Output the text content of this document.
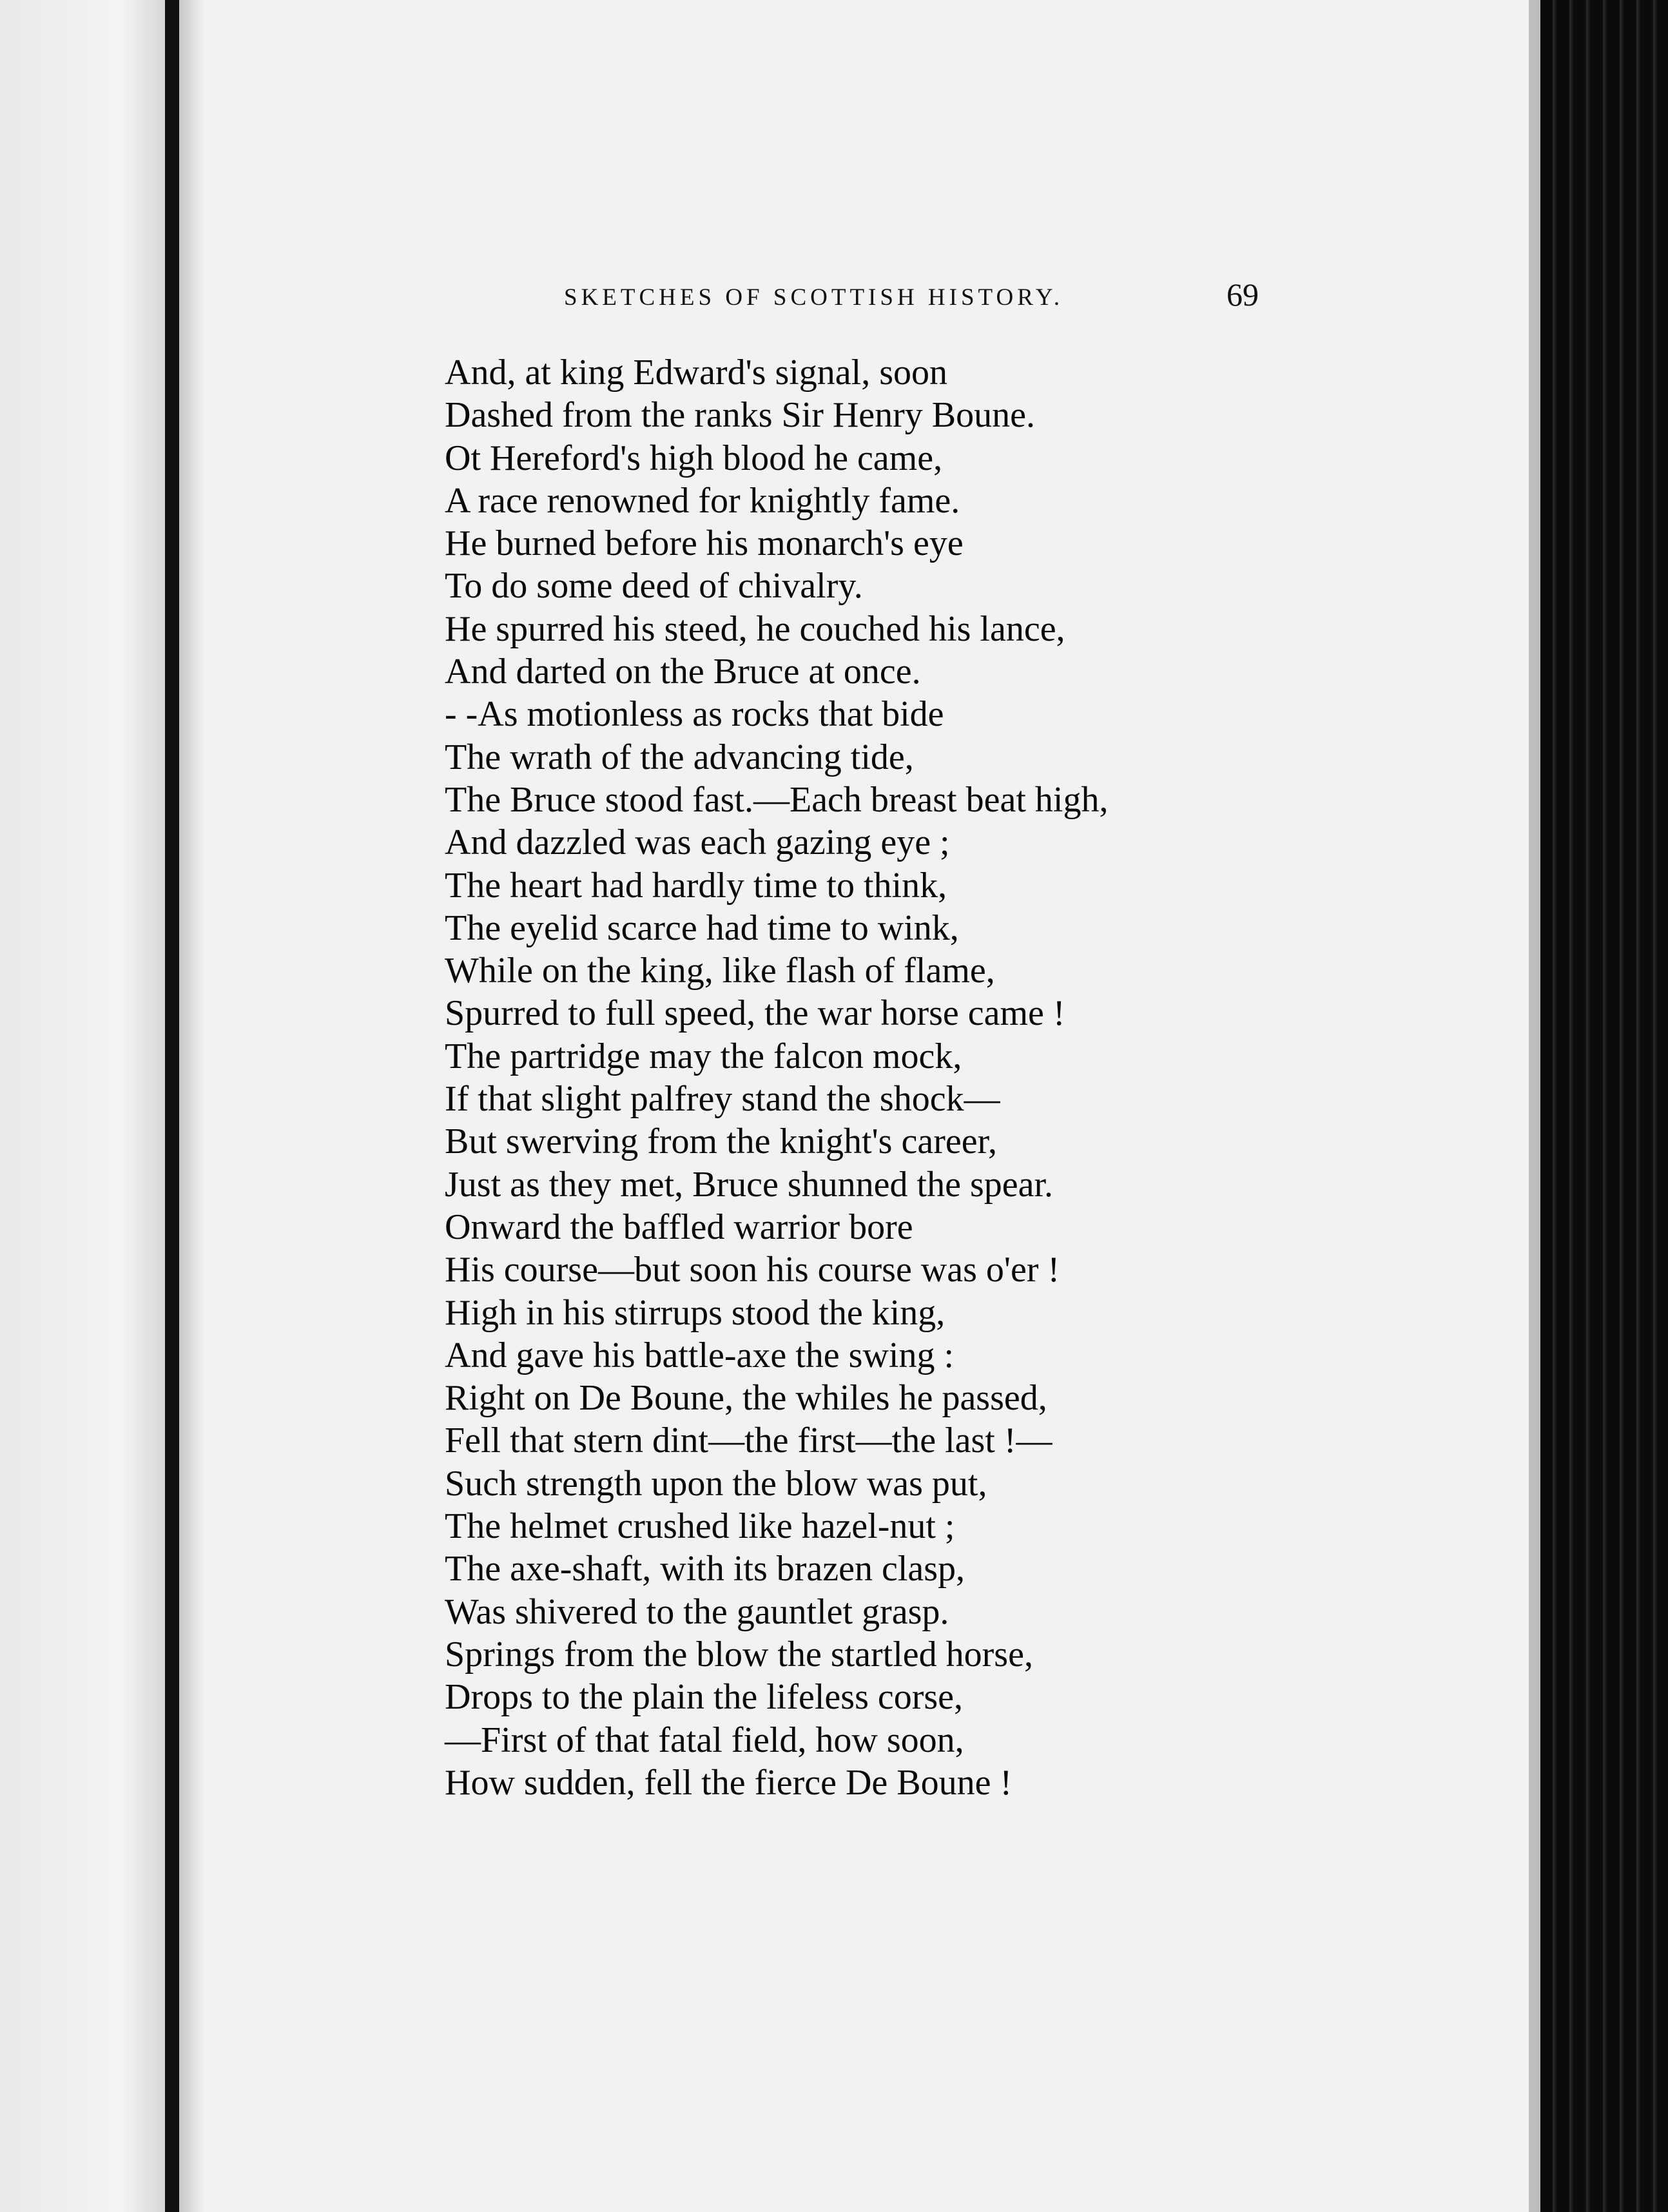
SKETCHES OF SCOTTISH HISTORY.	69
And, at king Edward's signal, soon
Dashed from the ranks Sir Henry Boune.
Ot Hereford's high blood he came,
A race renowned for knightly fame.
He burned before his monarch's eye
To do some deed of chivalry.
He spurred his steed, he couched his lance,
And darted on the Bruce at once.
- -As motionless as rocks that bide
The wrath of the advancing tide,
The Bruce stood fast.—Each breast beat high,
And dazzled was each gazing eye ;
The heart had hardly time to think,
The eyelid scarce had time to wink,
While on the king, like flash of flame,
Spurred to full speed, the war horse came !
The partridge may the falcon mock,
If that slight palfrey stand the shock—
But swerving from the knight's career,
Just as they met, Bruce shunned the spear.
Onward the baffled warrior bore
His course—but soon his course was o'er !
High in his stirrups stood the king,
And gave his battle-axe the swing :
Right on De Boune, the whiles he passed,
Fell that stern dint—the first—the last !—
Such strength upon the blow was put,
The helmet crushed like hazel-nut ;
The axe-shaft, with its brazen clasp,
Was shivered to the gauntlet grasp.
Springs from the blow the startled horse,
Drops to the plain the lifeless corse,
—First of that fatal field, how soon,
How sudden, fell the fierce De Boune !
